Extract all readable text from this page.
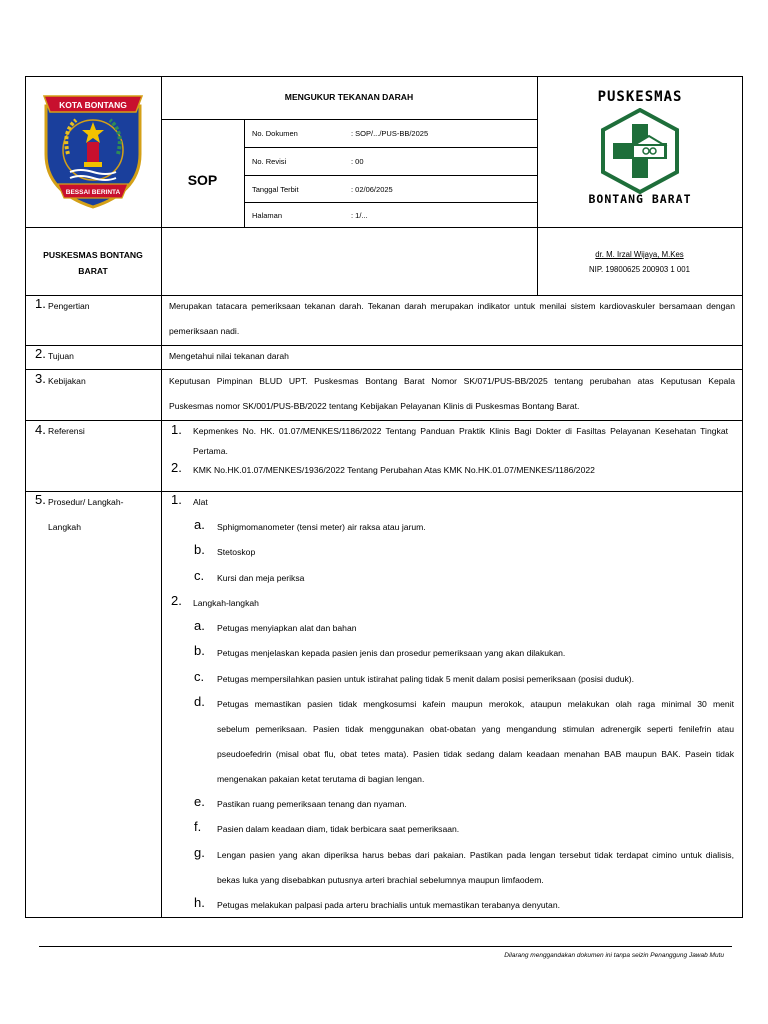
KOTA BONTANG
BESSAI BERINTA
MENGUKUR TEKANAN DARAH
SOP
No. Dokumen	: SOP/.../PUS-BB/2025
No. Revisi	: 00
Tanggal Terbit	: 02/06/2025
Halaman	: 1/...
PUSKESMAS
BONTANG BARAT
PUSKESMAS BONTANG
BARAT
dr. M. Irzal Wijaya, M.Kes
NIP. 19800625 200903 1 001
1. Pengertian	Merupakan tatacara pemeriksaan tekanan darah. Tekanan darah merupakan indikator untuk menilai sistem kardiovaskuler bersamaan dengan
pemeriksaan nadi.
2. Tujuan	Mengetahui nilai tekanan darah
3. Kebijakan	Keputusan Pimpinan BLUD UPT. Puskesmas Bontang Barat Nomor SK/071/PUS-BB/2025 tentang perubahan atas Keputusan Kepala
Puskesmas nomor SK/001/PUS-BB/2022 tentang Kebijakan Pelayanan Klinis di Puskesmas Bontang Barat.
4. Referensi	1. Kepmenkes No. HK. 01.07/MENKES/1186/2022 Tentang Panduan Praktik Klinis Bagi Dokter di Fasiltas Pelayanan Kesehatan Tingkat
Pertama.
2. KMK No.HK.01.07/MENKES/1936/2022 Tentang Perubahan Atas KMK No.HK.01.07/MENKES/1186/2022
5. Prosedur/ Langkah-
Langkah
1. Alat
a. Sphigmomanometer (tensi meter) air raksa atau jarum.
b. Stetoskop
c. Kursi dan meja periksa
2. Langkah-langkah
a. Petugas menyiapkan alat dan bahan
b. Petugas menjelaskan kepada pasien jenis dan prosedur pemeriksaan yang akan dilakukan.
c. Petugas mempersilahkan pasien untuk istirahat paling tidak 5 menit dalam posisi pemeriksaan (posisi duduk).
d. Petugas memastikan pasien tidak mengkosumsi kafein maupun merokok, ataupun melakukan olah raga minimal 30 menit
sebelum pemeriksaan. Pasien tidak menggunakan obat-obatan yang mengandung stimulan adrenergik seperti fenilefrin atau
pseudoefedrin (misal obat flu, obat tetes mata). Pasien tidak sedang dalam keadaan menahan BAB maupun BAK. Pasein tidak
mengenakan pakaian ketat terutama di bagian lengan.
e. Pastikan ruang pemeriksaan tenang dan nyaman.
f. Pasien dalam keadaan diam, tidak berbicara saat pemeriksaan.
g. Lengan pasien yang akan diperiksa harus bebas dari pakaian. Pastikan pada lengan tersebut tidak terdapat cimino untuk dialisis,
bekas luka yang disebabkan putusnya arteri brachial sebelumnya maupun limfaodem.
h. Petugas melakukan palpasi pada arteru brachialis untuk memastikan terabanya denyutan.
Dilarang menggandakan dokumen ini tanpa seizin Penanggung Jawab Mutu
